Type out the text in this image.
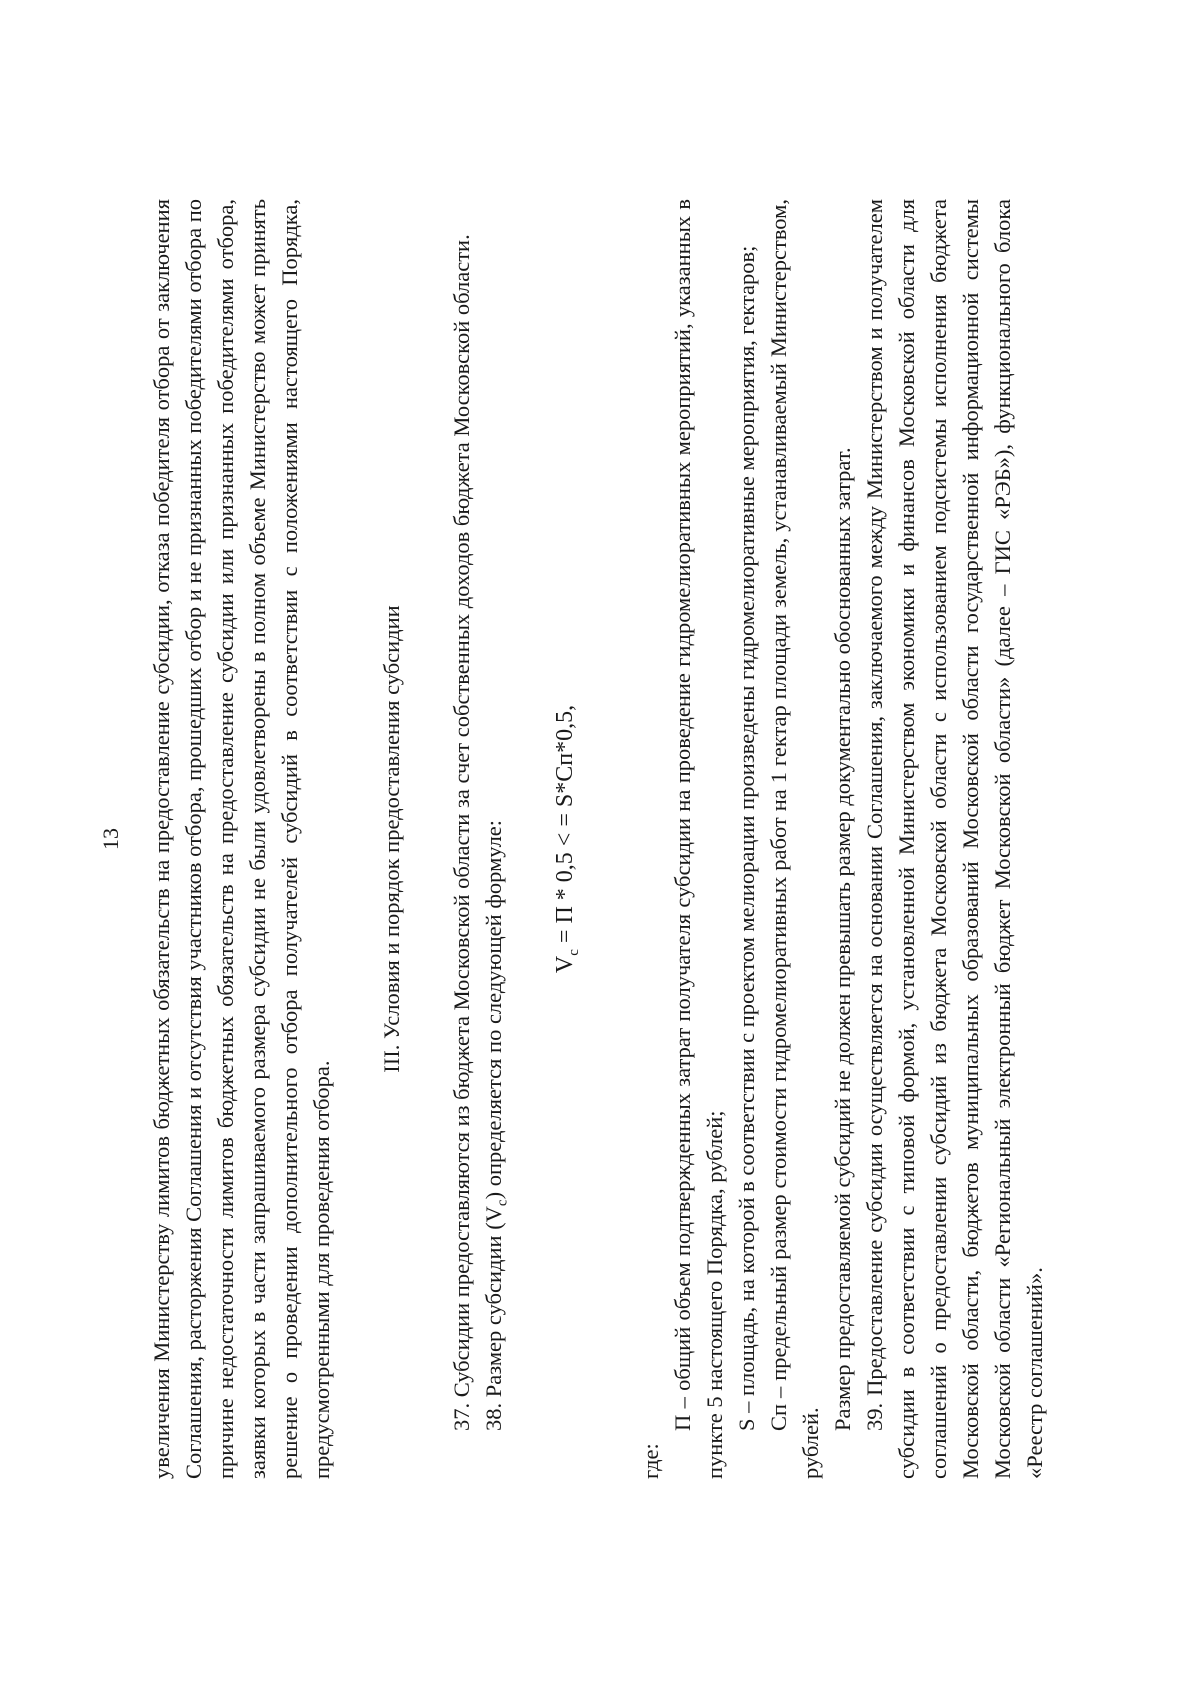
13 увеличения Министерству лимитов бюджетных обязательств на предоставление субсидии, отказа победителя отбора от заключения Соглашения, расторжения Соглашения и отсутствия участников отбора, прошедших отбор и не признанных победителями отбора по причине недостаточности лимитов бюджетных обязательств на предоставление субсидии или признанных победителями отбора, заявки которых в части запрашиваемого размера субсидии не были удовлетворены в полном объеме Министерство может принять решение о проведении дополнительного отбора получателей субсидий в соответствии с положениями настоящего Порядка, предусмотренными для проведения отбора.

III. Условия и порядок предоставления субсидии 37. Субсидии предоставляются из бюджета Московской области за счет собственных доходов бюджета Московской области. 38. Размер субсидии $(V_c)$ определяется по следующей формуле:	$V_c = П * 0,5$ < = S*Сп*0,5,

где:

П – общий объем подтвержденных затрат получателя субсидии на проведение гидромелиоративных мероприятий, указанных в пункте 5 настоящего Порядка, рублей; S – площадь, на которой в соответствии с проектом мелиорации произведены гидромелиоративные мероприятия, гектаров; Сп – предельный размер стоимости гидромелиоративных работ на 1 гектар площади земель, устанавливаемый Министерством, рублей.

Размер предоставляемой субсидий не должен превышать размер документально обоснованных затрат. 39. Предоставление субсидии осуществляется на основании Соглашения, заключаемого между Министерством и получателем субсидии в соответствии с типовой формой, установленной Министерством экономики и финансов Московской области для соглашений о предоставлении субсидий из бюджета Московской области с использованием подсистемы исполнения бюджета Московской области, бюджетов муниципальных образований Московской области государственной информационной системы Московской области «Региональный электронный бюджет Московской области» (далее – ГИС «РЭБ»), функционального блока «Реестр соглашений».
